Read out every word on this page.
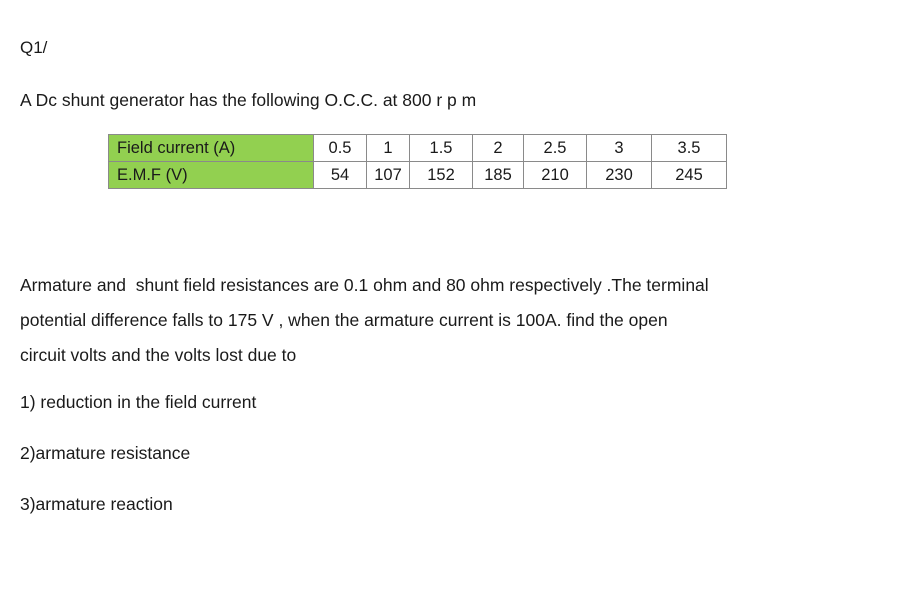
Q1/
A Dc shunt generator has the following O.C.C. at 800 r p m
Field current (A)	0.5	1	1.5	2	2.5	3	3.5
E.M.F (V)	54	107	152	185	210	230	245
Armature and  shunt field resistances are 0.1 ohm and 80 ohm respectively .The terminal
potential difference falls to 175 V , when the armature current is 100A. find the open
circuit volts and the volts lost due to
1) reduction in the field current
2)armature resistance
3)armature reaction
